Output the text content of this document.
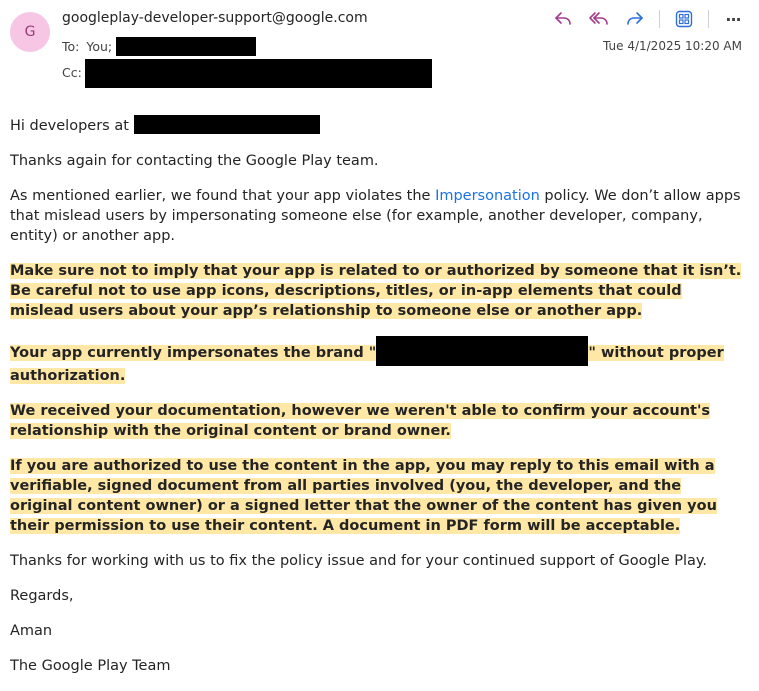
G
googleplay-developer-support@google.com
To: You;
Cc:
Tue 4/1/2025 10:20 AM
···

Hi developers at

Thanks again for contacting the Google Play team.

As mentioned earlier, we found that your app violates the Impersonation policy. We don’t allow apps that mislead users by impersonating someone else (for example, another developer, company, entity) or another app.

Make sure not to imply that your app is related to or authorized by someone that it isn’t. Be careful not to use app icons, descriptions, titles, or in-app elements that could mislead users about your app’s relationship to someone else or another app.

Your app currently impersonates the brand "	" without proper authorization.

We received your documentation, however we weren't able to confirm your account's relationship with the original content or brand owner.

If you are authorized to use the content in the app, you may reply to this email with a verifiable, signed document from all parties involved (you, the developer, and the original content owner) or a signed letter that the owner of the content has given you their permission to use their content. A document in PDF form will be acceptable.

Thanks for working with us to fix the policy issue and for your continued support of Google Play.

Regards,

Aman

The Google Play Team
